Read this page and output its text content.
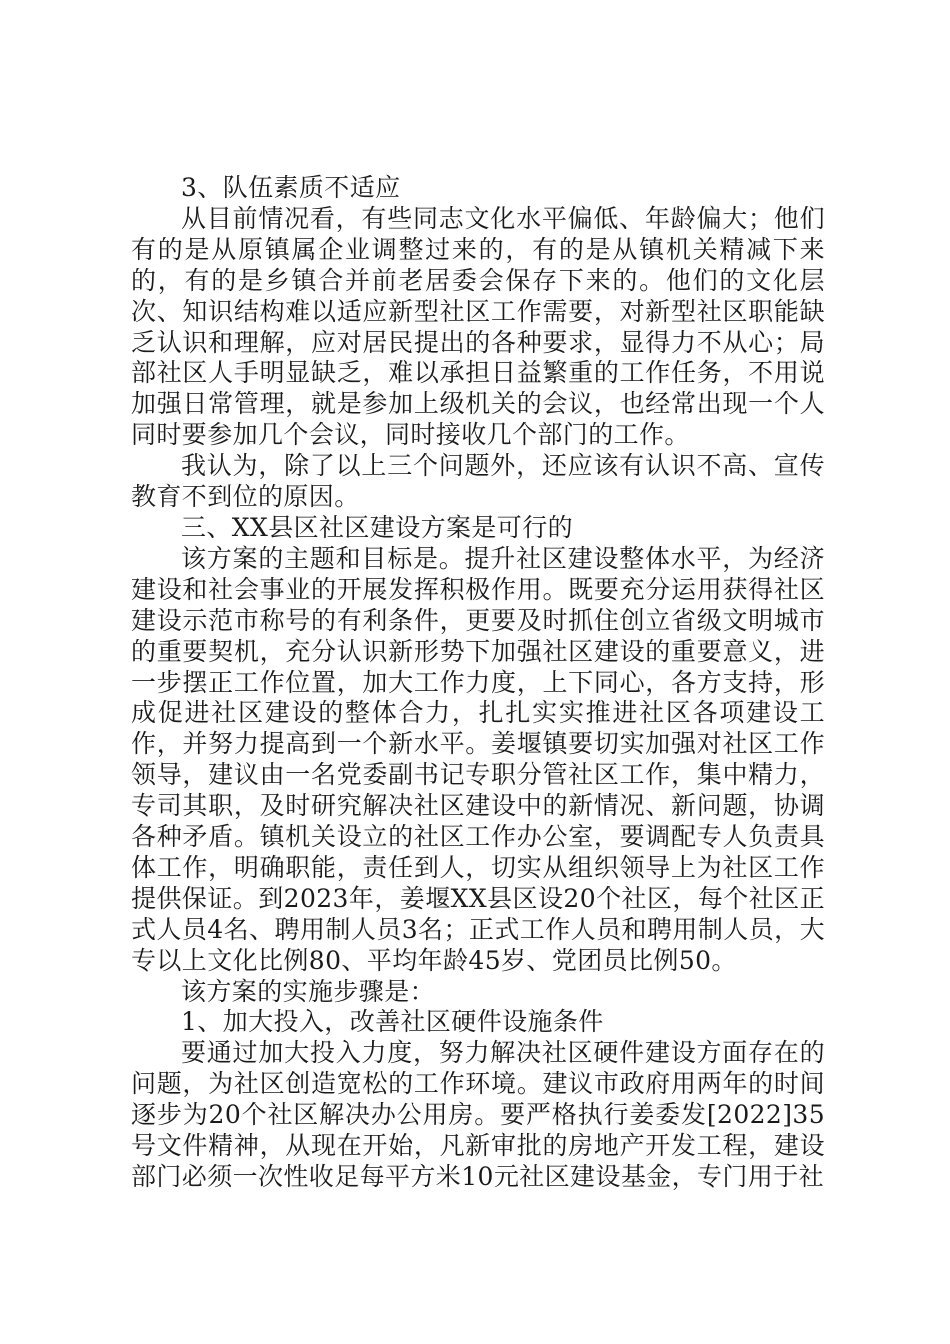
3、队伍素质不适应

从目前情况看，有些同志文化水平偏低、年龄偏大；他们有的是从原镇属企业调整过来的，有的是从镇机关精减下来的，有的是乡镇合并前老居委会保存下来的。他们的文化层次、知识结构难以适应新型社区工作需要，对新型社区职能缺乏认识和理解，应对居民提出的各种要求，显得力不从心；局部社区人手明显缺乏，难以承担日益繁重的工作任务，不用说加强日常管理，就是参加上级机关的会议，也经常出现一个人同时要参加几个会议，同时接收几个部门的工作。

我认为，除了以上三个问题外，还应该有认识不高、宣传教育不到位的原因。

三、XX县区社区建设方案是可行的

该方案的主题和目标是。提升社区建设整体水平，为经济建设和社会事业的开展发挥积极作用。既要充分运用获得社区建设示范市称号的有利条件，更要及时抓住创立省级文明城市的重要契机，充分认识新形势下加强社区建设的重要意义，进一步摆正工作位置，加大工作力度，上下同心，各方支持，形成促进社区建设的整体合力，扎扎实实推进社区各项建设工作，并努力提高到一个新水平。姜堰镇要切实加强对社区工作领导，建议由一名党委副书记专职分管社区工作，集中精力，专司其职，及时研究解决社区建设中的新情况、新问题，协调各种矛盾。镇机关设立的社区工作办公室，要调配专人负责具体工作，明确职能，责任到人，切实从组织领导上为社区工作提供保证。到2023年，姜堰XX县区设20个社区，每个社区正式人员4名、聘用制人员3名；正式工作人员和聘用制人员，大专以上文化比例80、平均年龄45岁、党团员比例50。

该方案的实施步骤是：

1、加大投入，改善社区硬件设施条件

要通过加大投入力度，努力解决社区硬件建设方面存在的问题，为社区创造宽松的工作环境。建议市政府用两年的时间逐步为20个社区解决办公用房。要严格执行姜委发[2022]35号文件精神，从现在开始，凡新审批的房地产开发工程，建设部门必须一次性收足每平方米10元社区建设基金，专门用于社
